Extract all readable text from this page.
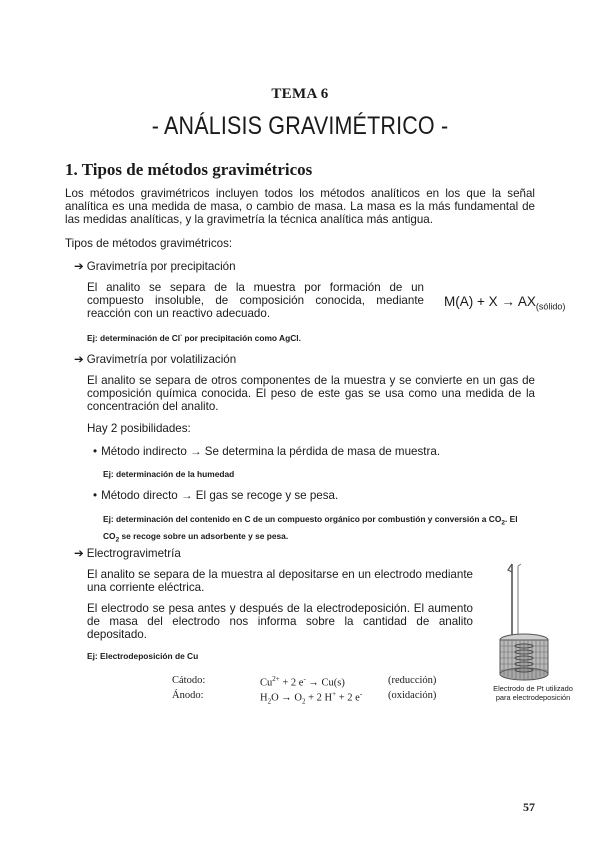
TEMA 6
- ANÁLISIS GRAVIMÉTRICO -
1. Tipos de métodos gravimétricos

Los métodos gravimétricos incluyen todos los métodos analíticos en los que la señal analítica es una medida de masa, o cambio de masa. La masa es la más fundamental de las medidas analíticas, y la gravimetría la técnica analítica más antigua.

Tipos de métodos gravimétricos:
➔ Gravimetría por precipitación

El analito se separa de la muestra por formación de un compuesto insoluble, de composición conocida, mediante reacción con un reactivo adecuado.

$M(A) + X \to AX_{(sólido)}$
Ej: determinación de Cl- por precipitación como AgCl.
➔ Gravimetría por volatilización

El analito se separa de otros componentes de la muestra y se convierte en un gas de composición química conocida. El peso de este gas se usa como una medida de la concentración del analito.

Hay 2 posibilidades:
• Método indirecto → Se determina la pérdida de masa de muestra.
Ej: determinación de la humedad
• Método directo → El gas se recoge y se pesa.
Ej: determinación del contenido en C de un compuesto orgánico por combustión y conversión a $CO_2$. El $CO_2$ se recoge sobre un adsorbente y se pesa.
➔ Electrogravimetría

El analito se separa de la muestra al depositarse en un electrodo mediante una corriente eléctrica.

El electrodo se pesa antes y después de la electrodeposición. El aumento de masa del electrodo nos informa sobre la cantidad de analito depositado.

Ej: Electrodeposición de Cu
Cátodo:	$Cu^{2+} + 2$ e- → Cu(s)	(reducción)
Ánodo:	$H_2O \to O_2 + 2$ H+ + 2 e-	(oxidación)
Electrodo de Pt utilizado
para electrodeposición
57
